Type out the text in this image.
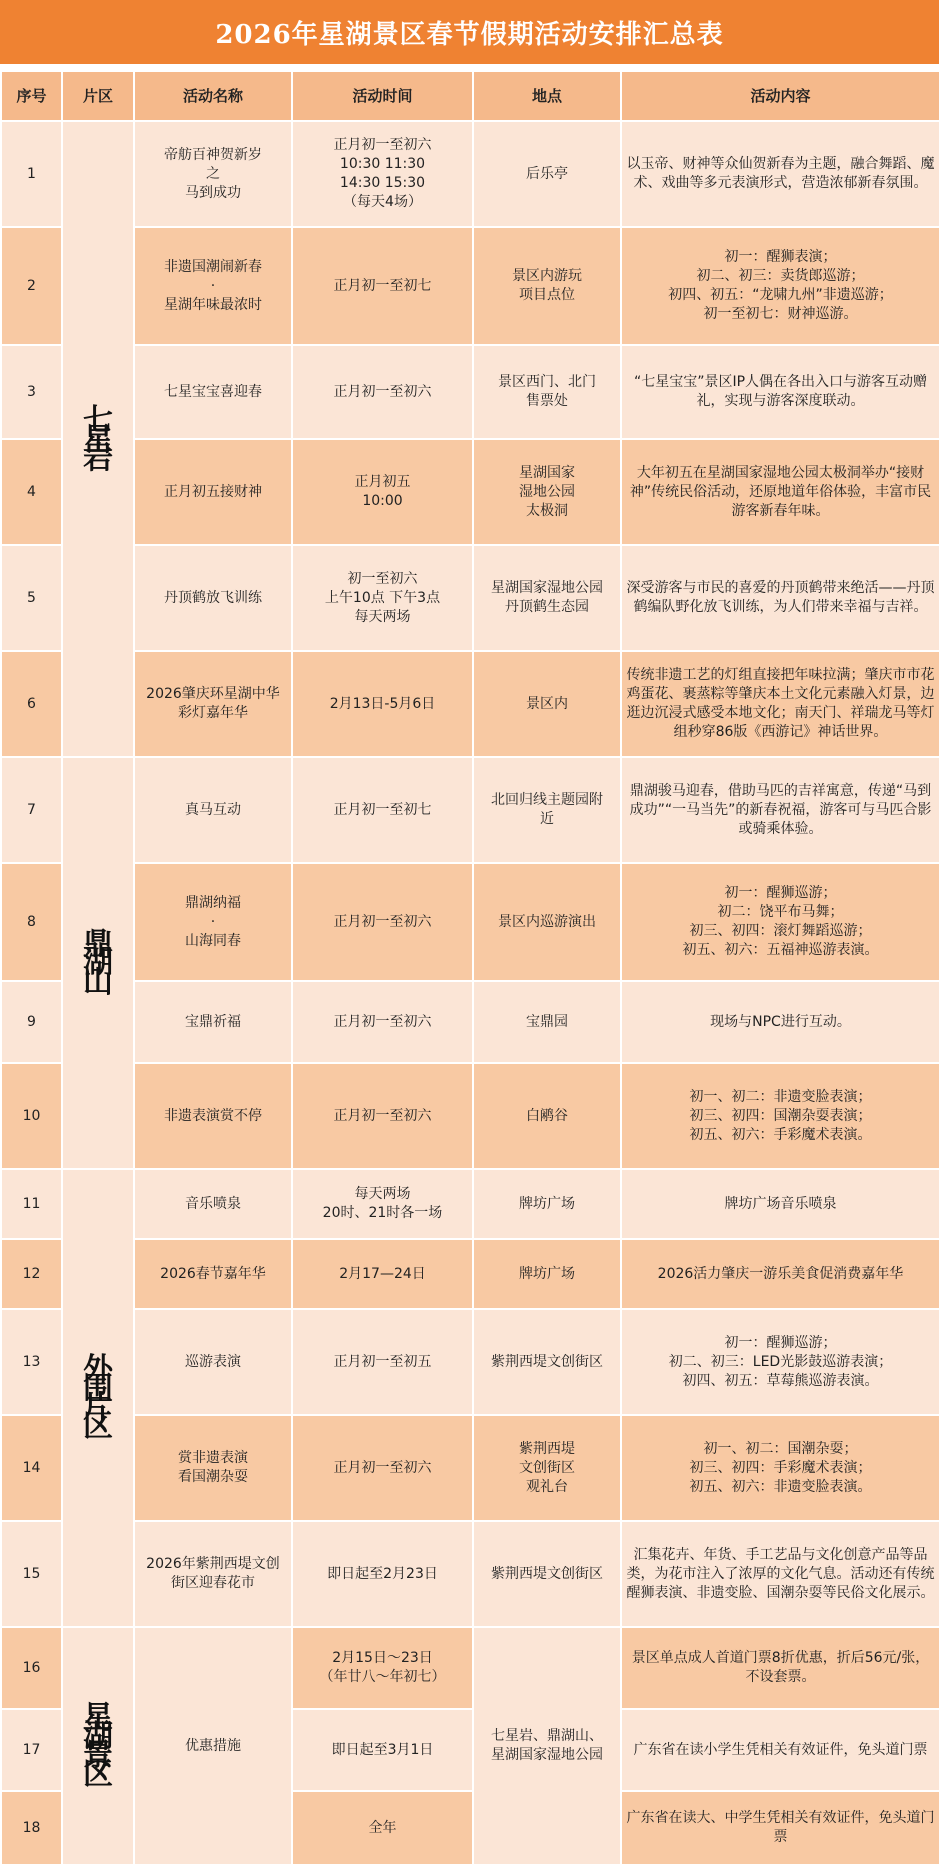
2026年星湖景区春节假期活动安排汇总表
序号	片区	活动名称	活动时间	地点	活动内容
1	七星岩	帝舫百神贺新岁
之
马到成功	正月初一至初六
10:30 11:30
14:30 15:30
（每天4场）	后乐亭	以玉帝、财神等众仙贺新春为主题，融合舞蹈、魔术、戏曲等多元表演形式，营造浓郁新春氛围。
2		非遗国潮闹新春
·
星湖年味最浓时	正月初一至初七	景区内游玩
项目点位	初一：醒狮表演；
初二、初三：卖货郎巡游；
初四、初五：“龙啸九州”非遗巡游；
初一至初七：财神巡游。

3		七星宝宝喜迎春	正月初一至初六	景区西门、北门
售票处	“七星宝宝”景区IP人偶在各出入口与游客互动赠礼，实现与游客深度联动。
4		正月初五接财神	正月初五
10:00	星湖国家
湿地公园
太极洞	大年初五在星湖国家湿地公园太极洞举办“接财神”传统民俗活动，还原地道年俗体验，丰富市民游客新春年味。
5		丹顶鹤放飞训练	初一至初六
上午10点 下午3点
每天两场	星湖国家湿地公园
丹顶鹤生态园	深受游客与市民的喜爱的丹顶鹤带来绝活——丹顶鹤编队野化放飞训练，为人们带来幸福与吉祥。
6		2026肇庆环星湖中华
彩灯嘉年华	2月13日-5月6日	景区内	传统非遗工艺的灯组直接把年味拉满；肇庆市市花鸡蛋花、裹蒸粽等肇庆本土文化元素融入灯景，边逛边沉浸式感受本地文化；南天门、祥瑞龙马等灯组秒穿86版《西游记》神话世界。
7	鼎湖山	真马互动	正月初一至初七	北回归线主题园附
近	鼎湖骏马迎春，借助马匹的吉祥寓意，传递“马到成功”“一马当先”的新春祝福，游客可与马匹合影或骑乘体验。
8		鼎湖纳福
·
山海同春	正月初一至初六	景区内巡游演出	初一：醒狮巡游；
初二：饶平布马舞；
初三、初四：滚灯舞蹈巡游；
初五、初六：五福神巡游表演。

9		宝鼎祈福	正月初一至初六	宝鼎园	现场与NPC进行互动。
10		非遗表演赏不停	正月初一至初六	白鹇谷	初一、初二：非遗变脸表演；
初三、初四：国潮杂耍表演；
初五、初六：手彩魔术表演。

11	外围片区	音乐喷泉	每天两场
20时、21时各一场	牌坊广场	牌坊广场音乐喷泉
12		2026春节嘉年华	2月17—24日	牌坊广场	2026活力肇庆一游乐美食促消费嘉年华
13		巡游表演	正月初一至初五	紫荆西堤文创街区	初一：醒狮巡游；
初二、初三：LED光影鼓巡游表演；
初四、初五：草莓熊巡游表演。

14		赏非遗表演
看国潮杂耍	正月初一至初六	紫荆西堤
文创街区
观礼台	初一、初二：国潮杂耍；
初三、初四：手彩魔术表演；
初五、初六：非遗变脸表演。

15		2026年紫荆西堤文创
街区迎春花市	即日起至2月23日	紫荆西堤文创街区	汇集花卉、年货、手工艺品与文化创意产品等品类，为花市注入了浓厚的文化气息。活动还有传统醒狮表演、非遗变脸、国潮杂耍等民俗文化展示。
16	星湖景区	优惠措施	2月15日～23日
（年廿八～年初七）	七星岩、鼎湖山、
星湖国家湿地公园	景区单点成人首道门票8折优惠，折后56元/张，不设套票。
17			即日起至3月1日		广东省在读小学生凭相关有效证件，免头道门票
18			全年		广东省在读大、中学生凭相关有效证件，免头道门票
